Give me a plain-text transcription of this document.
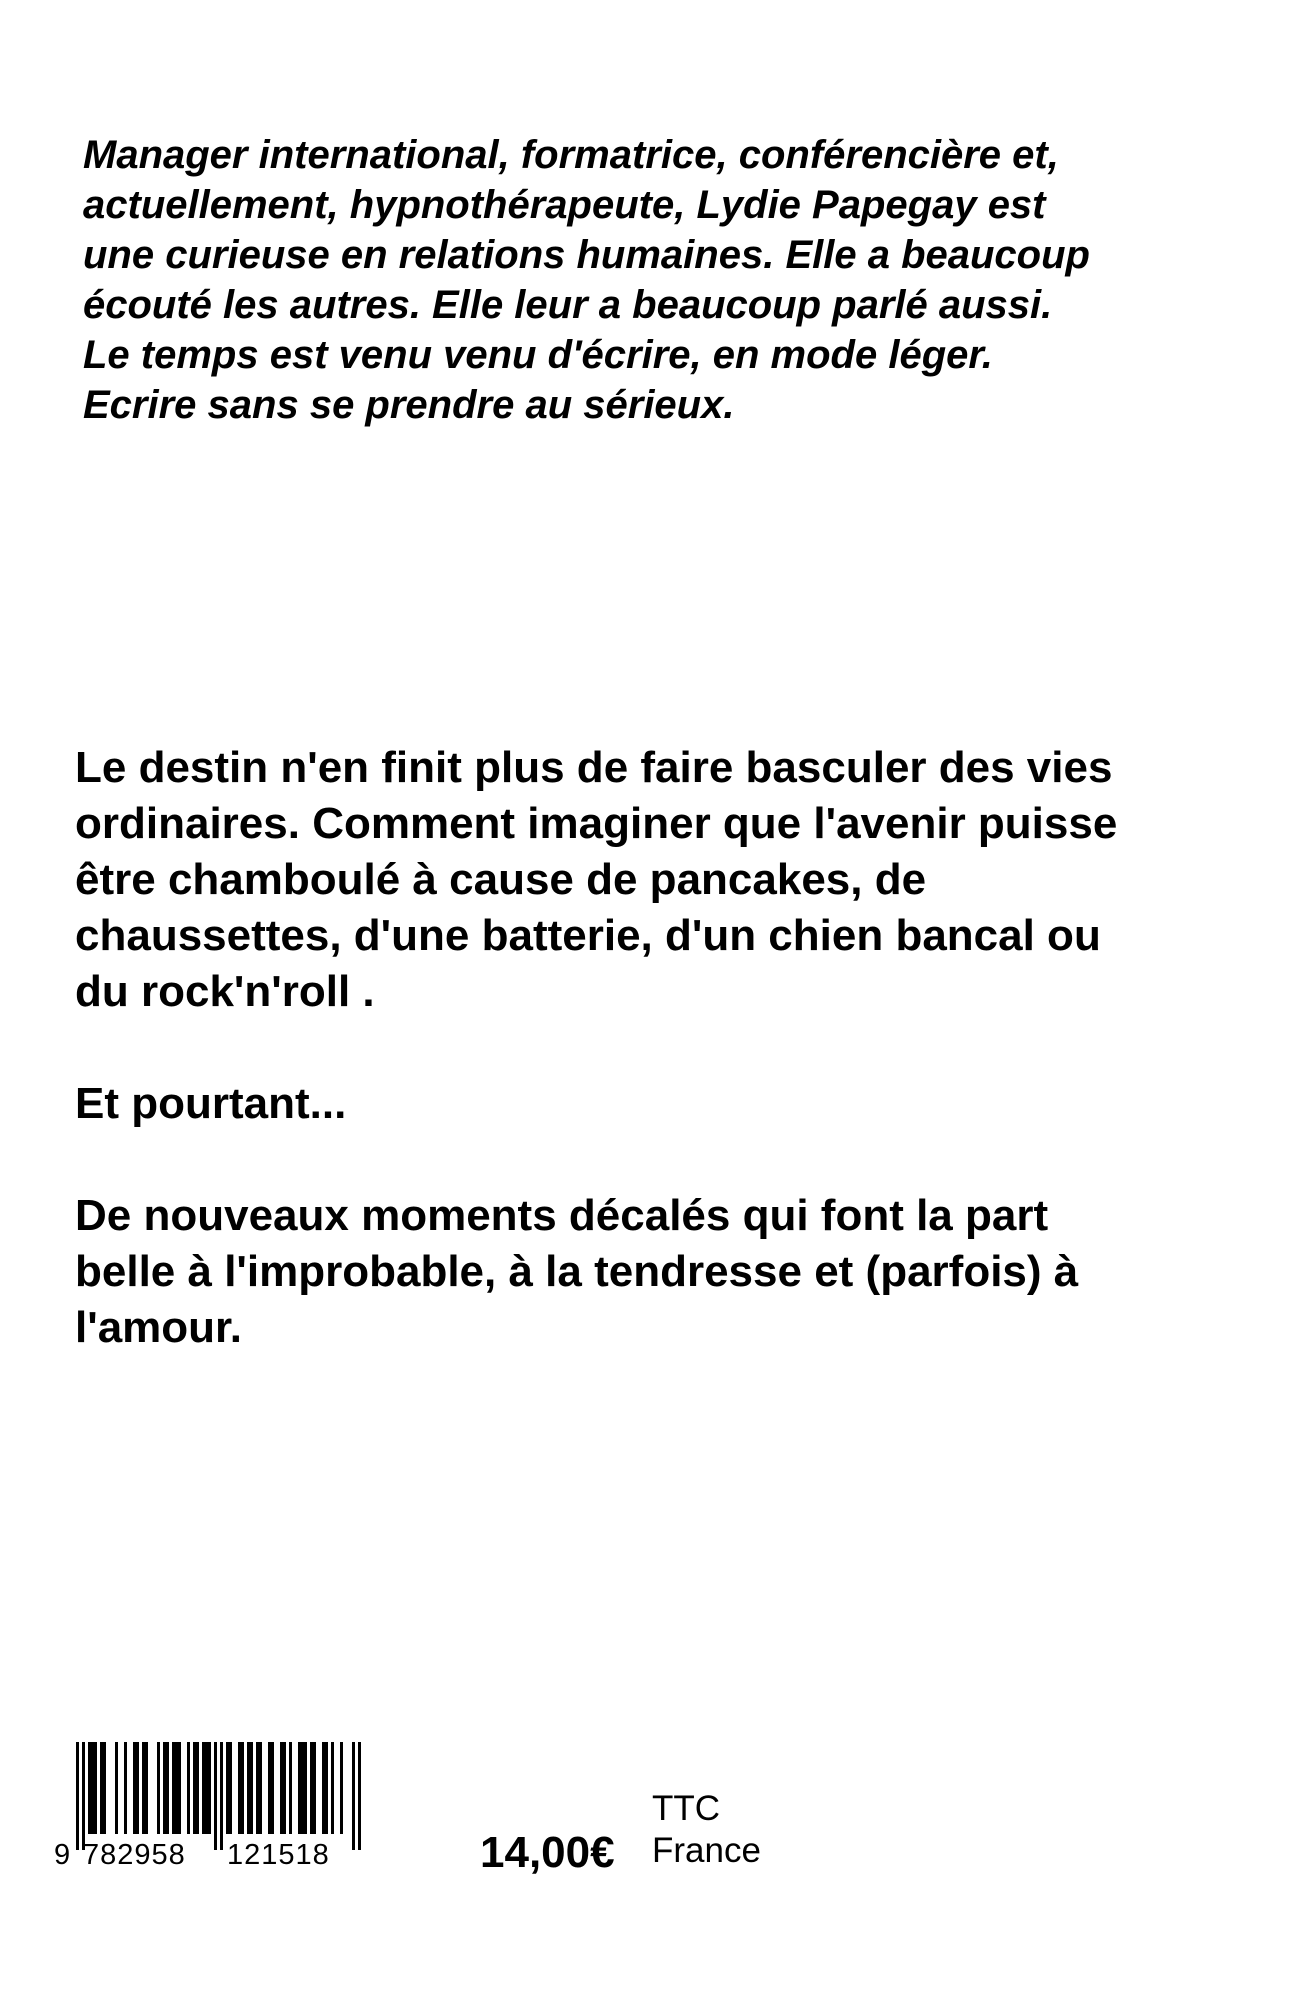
Manager international, formatrice, conférencière et,
actuellement, hypnothérapeute, Lydie Papegay est
une curieuse en relations humaines. Elle a beaucoup
écouté les autres. Elle leur a beaucoup parlé aussi.
Le temps est venu venu d'écrire, en mode léger.
Ecrire sans se prendre au sérieux.

Le destin n'en finit plus de faire basculer des vies
ordinaires. Comment imaginer que l'avenir puisse
être chamboulé à cause de pancakes, de
chaussettes, d'une batterie, d'un chien bancal ou
du rock'n'roll .

Et pourtant...

De nouveaux moments décalés qui font la part
belle à l'improbable, à la tendresse et (parfois) à
l'amour.

9 782958 121518	14,00€
TTC
France
